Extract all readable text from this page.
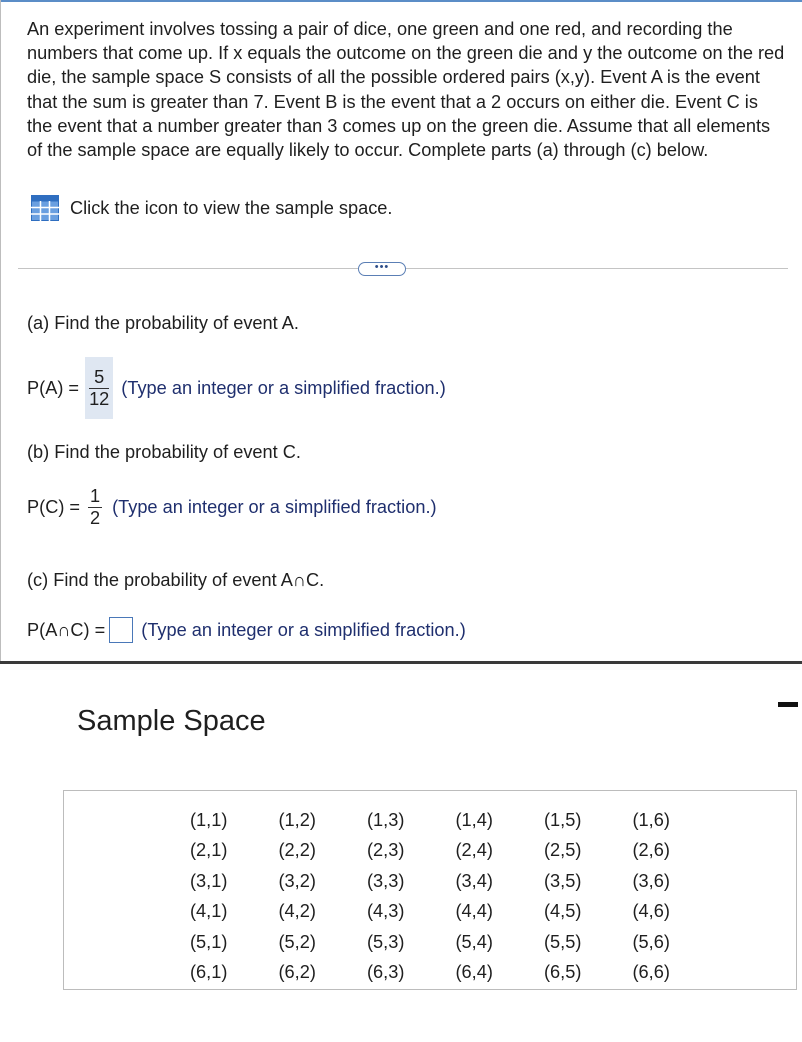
An experiment involves tossing a pair of dice, one green and one red, and recording the numbers that come up. If x equals the outcome on the green die and y the outcome on the red die, the sample space S consists of all the possible ordered pairs (x,y). Event A is the event that the sum is greater than 7. Event B is the event that a 2 occurs on either die. Event C is the event that a number greater than 3 comes up on the green die. Assume that all elements of the sample space are equally likely to occur. Complete parts (a) through (c) below.

Click the icon to view the sample space.
•••
(a) Find the probability of event A.
$P(A) = \frac{5}{12}$ (Type an integer or a simplified fraction.)
(b) Find the probability of event C.
$P(C) = \frac{1}{2}$ (Type an integer or a simplified fraction.)
(c) Find the probability of event A∩C.
P(A∩C) = (Type an integer or a simplified fraction.)
Sample Space
(1,1)	(1,2)	(1,3)	(1,4)	(1,5)	(1,6)
(2,1)	(2,2)	(2,3)	(2,4)	(2,5)	(2,6)
(3,1)	(3,2)	(3,3)	(3,4)	(3,5)	(3,6)
(4,1)	(4,2)	(4,3)	(4,4)	(4,5)	(4,6)
(5,1)	(5,2)	(5,3)	(5,4)	(5,5)	(5,6)
(6,1)	(6,2)	(6,3)	(6,4)	(6,5)	(6,6)
